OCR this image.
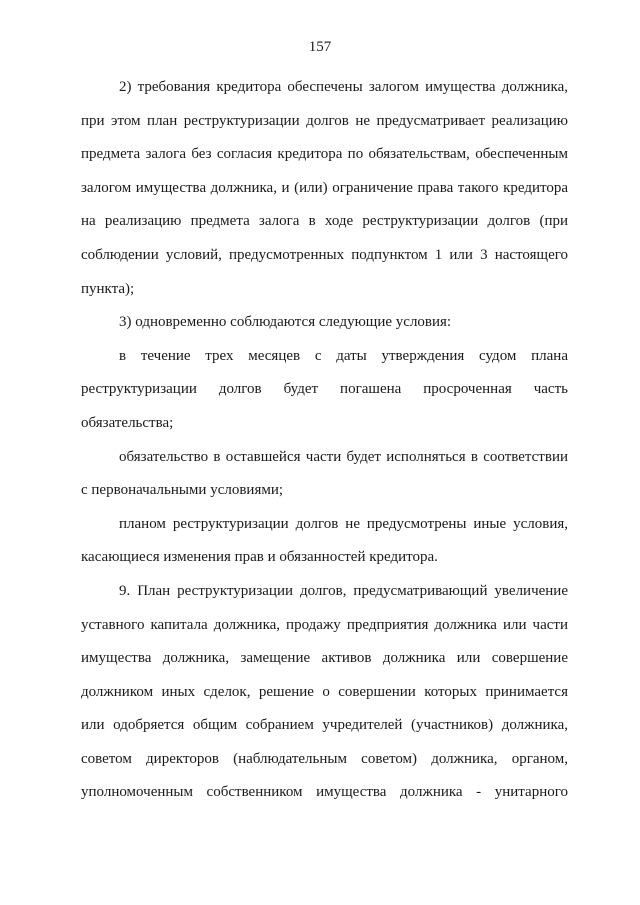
157
2) требования кредитора обеспечены залогом имущества должника,
при этом план реструктуризации долгов не предусматривает реализацию
предмета залога без согласия кредитора по обязательствам, обеспеченным
залогом имущества должника, и (или) ограничение права такого кредитора
на реализацию предмета залога в ходе реструктуризации долгов (при
соблюдении условий, предусмотренных подпунктом 1 или 3 настоящего
пункта);
3) одновременно соблюдаются следующие условия:
в течение трех месяцев с даты утверждения судом плана
реструктуризации долгов будет погашена просроченная часть
обязательства;
обязательство в оставшейся части будет исполняться в соответствии
с первоначальными условиями;
планом реструктуризации долгов не предусмотрены иные условия,
касающиеся изменения прав и обязанностей кредитора.
9. План реструктуризации долгов, предусматривающий увеличение
уставного капитала должника, продажу предприятия должника или части
имущества должника, замещение активов должника или совершение
должником иных сделок, решение о совершении которых принимается
или одобряется общим собранием учредителей (участников) должника,
советом директоров (наблюдательным советом) должника, органом,
уполномоченным собственником имущества должника - унитарного
